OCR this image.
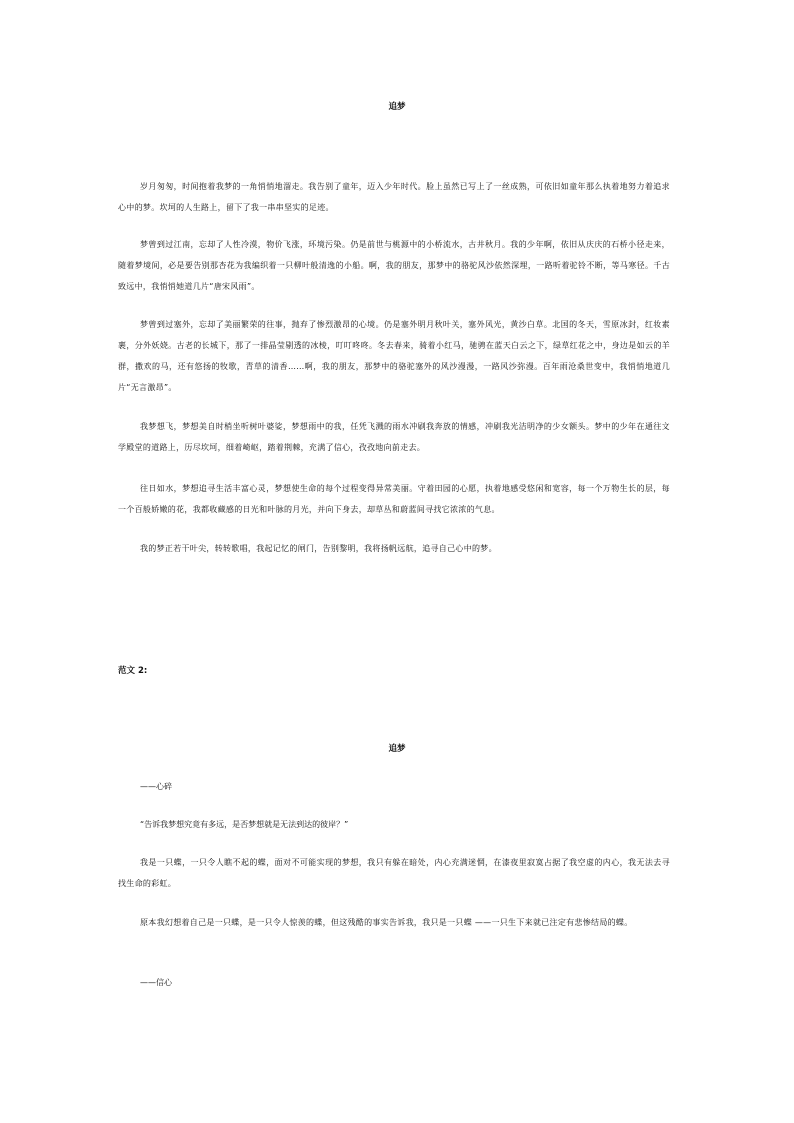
追梦

岁月匆匆，时间抱着我梦的一角悄悄地溜走。我告别了童年，迈入少年时代。脸上虽然已写上了一丝成熟，可依旧如童年那么执着地努力着追求心中的梦。坎坷的人生路上，留下了我一串串坚实的足迹。

梦曾到过江南，忘却了人性冷漠，物价飞涨，环境污染。仍是前世与桃源中的小桥流水，古井秋月。我的少年啊，依旧从庆庆的石桥小径走来，随着梦境间，必是要告别那杏花为我编织着一只柳叶般清逸的小船。啊，我的朋友，那梦中的骆驼风沙依然深埋，一路听着驼铃不断，等马寒径。千古致远中，我悄悄她道几片“唐宋风雨”。

梦曾到过塞外，忘却了美丽繁荣的往事，抛弃了惨烈激昂的心境。仍是塞外明月秋叶关，塞外风光，黄沙白草。北国的冬天，雪原冰封，红妆素裹，分外妖娆。古老的长城下，那了一排晶莹剔透的冰棱，叮叮咚咚。冬去春来，骑着小红马，驰骋在蓝天白云之下，绿草红花之中，身边是如云的羊群，撒欢的马，还有悠扬的牧歌，青草的清香……啊，我的朋友，那梦中的骆驼塞外的风沙漫漫，一路风沙弥漫。百年雨沧桑世变中，我悄悄地道几片“无言激昂”。

我梦想飞，梦想美自时梢坐听树叶婆娑，梦想雨中的我，任凭飞溅的雨水冲刷我奔放的情感，冲刷我光洁明净的少女额头。梦中的少年在通往文学殿堂的道路上，历尽坎坷，细着崎岖，踏着荆棘，充满了信心，孜孜地向前走去。

往日如水，梦想追寻生活丰富心灵，梦想使生命的每个过程变得异常美丽。守着田园的心愿，执着地感受悠闲和宽容，每一个万物生长的层，每一个百般娇嫩的花，我都收藏感的日光和叶脉的月光，并向下身去，却草丛和蔚蓝间寻找它浓浓的气息。

我的梦正若干叶尖，转转歌唱，我起记忆的闸门，告别黎明，我将扬帆远航，追寻自己心中的梦。

范文 2:
追梦
——心碎
“告诉我梦想究竟有多远，是否梦想就是无法到达的彼岸？”

我是一只蝶，一只令人瞧不起的蝶，面对不可能实现的梦想，我只有躲在暗处，内心充满迷惘，在漆夜里寂寞占据了我空虚的内心，我无法去寻找生命的彩虹。

原本我幻想着自己是一只蝶，是一只令人惊羡的蝶，但这残酷的事实告诉我，我只是一只蝶 ——一只生下来就已注定有悲惨结局的蝶。

——信心
